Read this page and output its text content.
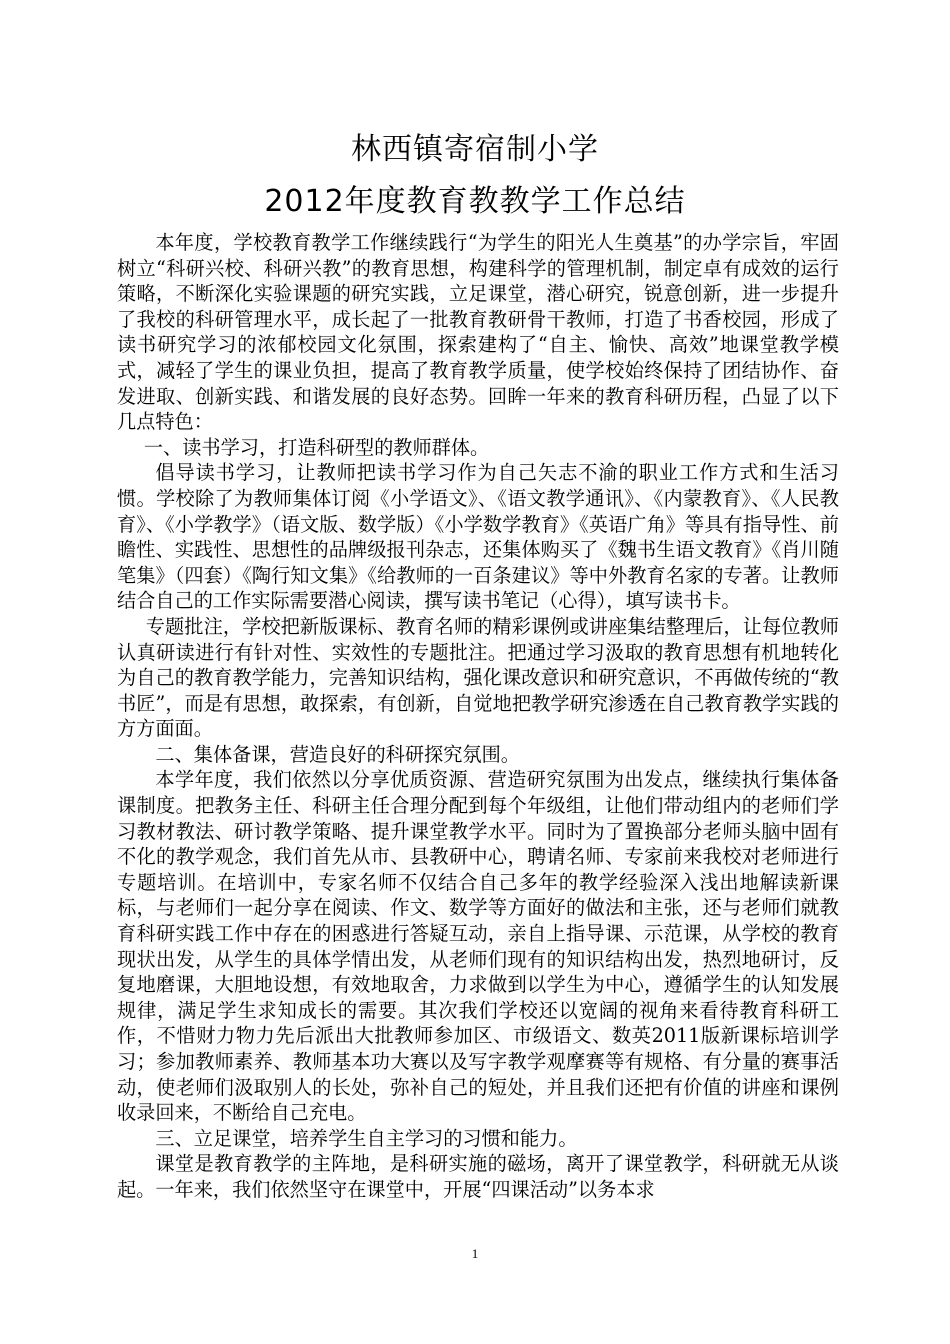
林西镇寄宿制小学
2012年度教育教教学工作总结

本年度，学校教育教学工作继续践行“为学生的阳光人生奠基”的办学宗旨，牢固树立“科研兴校、科研兴教”的教育思想，构建科学的管理机制，制定卓有成效的运行策略，不断深化实验课题的研究实践，立足课堂，潜心研究，锐意创新，进一步提升了我校的科研管理水平，成长起了一批教育教研骨干教师，打造了书香校园，形成了读书研究学习的浓郁校园文化氛围，探索建构了“自主、愉快、高效”地课堂教学模式，减轻了学生的课业负担，提高了教育教学质量，使学校始终保持了团结协作、奋发进取、创新实践、和谐发展的良好态势。回眸一年来的教育科研历程，凸显了以下几点特色：

一、读书学习，打造科研型的教师群体。

倡导读书学习，让教师把读书学习作为自己矢志不渝的职业工作方式和生活习惯。学校除了为教师集体订阅《小学语文》、《语文教学通讯》、《内蒙教育》、《人民教育》、《小学教学》（语文版、数学版）《小学数学教育》《英语广角》等具有指导性、前瞻性、实践性、思想性的品牌级报刊杂志，还集体购买了《魏书生语文教育》《肖川随笔集》（四套）《陶行知文集》《给教师的一百条建议》等中外教育名家的专著。让教师结合自己的工作实际需要潜心阅读，撰写读书笔记（心得），填写读书卡。

专题批注，学校把新版课标、教育名师的精彩课例或讲座集结整理后，让每位教师认真研读进行有针对性、实效性的专题批注。把通过学习汲取的教育思想有机地转化为自己的教育教学能力，完善知识结构，强化课改意识和研究意识，不再做传统的“教书匠”，而是有思想，敢探索，有创新，自觉地把教学研究渗透在自己教育教学实践的方方面面。

二、集体备课，营造良好的科研探究氛围。

本学年度，我们依然以分享优质资源、营造研究氛围为出发点，继续执行集体备课制度。把教务主任、科研主任合理分配到每个年级组，让他们带动组内的老师们学习教材教法、研讨教学策略、提升课堂教学水平。同时为了置换部分老师头脑中固有不化的教学观念，我们首先从市、县教研中心，聘请名师、专家前来我校对老师进行专题培训。在培训中，专家名师不仅结合自己多年的教学经验深入浅出地解读新课标，与老师们一起分享在阅读、作文、数学等方面好的做法和主张，还与老师们就教育科研实践工作中存在的困惑进行答疑互动，亲自上指导课、示范课，从学校的教育现状出发，从学生的具体学情出发，从老师们现有的知识结构出发，热烈地研讨，反复地磨课，大胆地设想，有效地取舍，力求做到以学生为中心，遵循学生的认知发展规律，满足学生求知成长的需要。其次我们学校还以宽阔的视角来看待教育科研工作，不惜财力物力先后派出大批教师参加区、市级语文、数英2011版新课标培训学习；参加教师素养、教师基本功大赛以及写字教学观摩赛等有规格、有分量的赛事活动，使老师们汲取别人的长处，弥补自己的短处，并且我们还把有价值的讲座和课例收录回来，不断给自己充电。

三、立足课堂，培养学生自主学习的习惯和能力。

课堂是教育教学的主阵地，是科研实施的磁场，离开了课堂教学，科研就无从谈起。一年来，我们依然坚守在课堂中，开展“四课活动”以务本求

1
